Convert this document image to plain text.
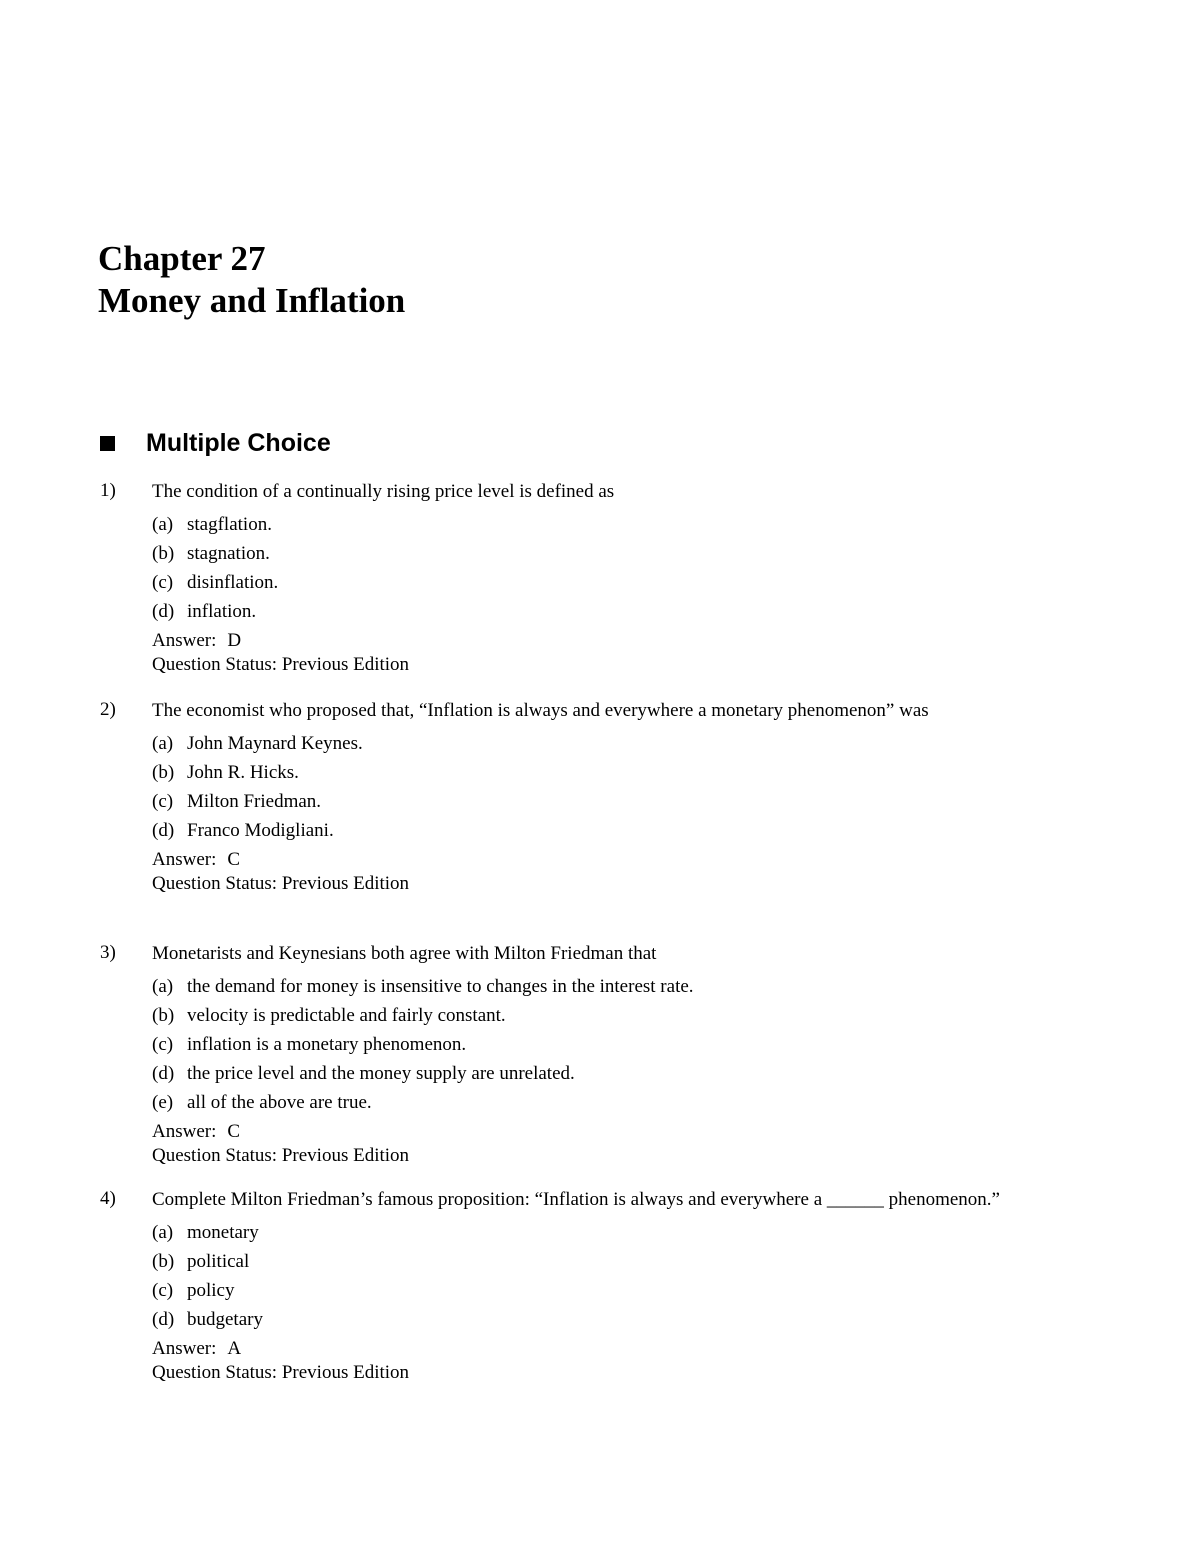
Chapter 27
Money and Inflation
Multiple Choice
1) The condition of a continually rising price level is defined as
(a) stagflation.
(b) stagnation.
(c) disinflation.
(d) inflation.
Answer: D
Question Status: Previous Edition
2) The economist who proposed that, “Inflation is always and everywhere a monetary phenomenon” was
(a) John Maynard Keynes.
(b) John R. Hicks.
(c) Milton Friedman.
(d) Franco Modigliani.
Answer: C
Question Status: Previous Edition
3) Monetarists and Keynesians both agree with Milton Friedman that
(a) the demand for money is insensitive to changes in the interest rate.
(b) velocity is predictable and fairly constant.
(c) inflation is a monetary phenomenon.
(d) the price level and the money supply are unrelated.
(e) all of the above are true.
Answer: C
Question Status: Previous Edition
4) Complete Milton Friedman’s famous proposition: “Inflation is always and everywhere a ______ phenomenon.”
(a) monetary
(b) political
(c) policy
(d) budgetary
Answer: A
Question Status: Previous Edition
